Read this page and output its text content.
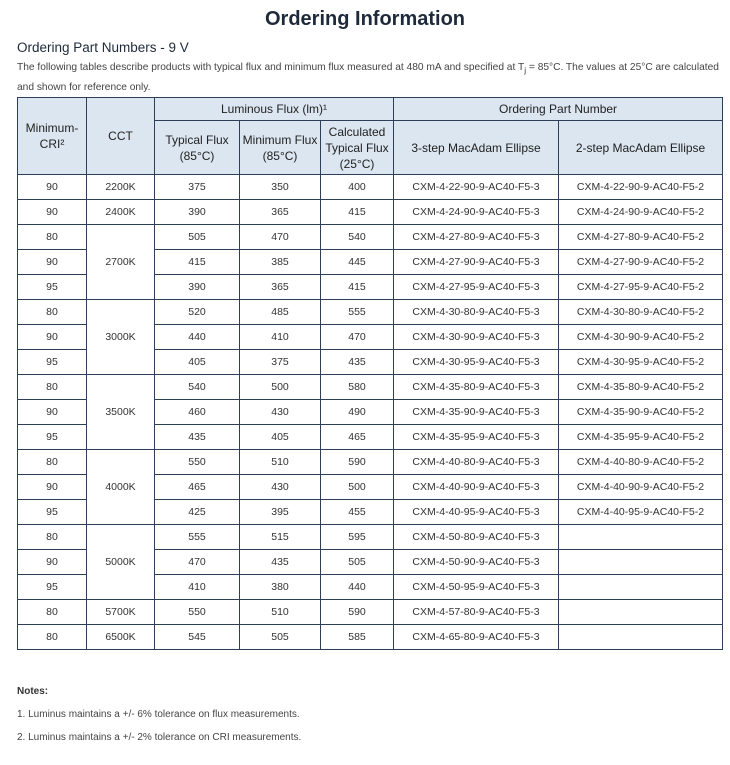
Ordering Information
Ordering Part Numbers - 9 V
The following tables describe products with typical flux and minimum flux measured at 480 mA and specified at $T_j = 85^\circ C$. The values at 25°C are calculated and shown for reference only.
Minimum-CRI²	CCT	Luminous Flux (lm)¹			Ordering Part Number	
		Typical Flux (85°C)	Minimum Flux (85°C)	Calculated Typical Flux (25°C)	3-step MacAdam Ellipse	2-step MacAdam Ellipse
90	2200K	375	350	400	CXM-4-22-90-9-AC40-F5-3	CXM-4-22-90-9-AC40-F5-2
90	2400K	390	365	415	CXM-4-24-90-9-AC40-F5-3	CXM-4-24-90-9-AC40-F5-2
80	2700K	505	470	540	CXM-4-27-80-9-AC40-F5-3	CXM-4-27-80-9-AC40-F5-2
90		415	385	445	CXM-4-27-90-9-AC40-F5-3	CXM-4-27-90-9-AC40-F5-2
95		390	365	415	CXM-4-27-95-9-AC40-F5-3	CXM-4-27-95-9-AC40-F5-2
80	3000K	520	485	555	CXM-4-30-80-9-AC40-F5-3	CXM-4-30-80-9-AC40-F5-2
90		440	410	470	CXM-4-30-90-9-AC40-F5-3	CXM-4-30-90-9-AC40-F5-2
95		405	375	435	CXM-4-30-95-9-AC40-F5-3	CXM-4-30-95-9-AC40-F5-2
80	3500K	540	500	580	CXM-4-35-80-9-AC40-F5-3	CXM-4-35-80-9-AC40-F5-2
90		460	430	490	CXM-4-35-90-9-AC40-F5-3	CXM-4-35-90-9-AC40-F5-2
95		435	405	465	CXM-4-35-95-9-AC40-F5-3	CXM-4-35-95-9-AC40-F5-2
80	4000K	550	510	590	CXM-4-40-80-9-AC40-F5-3	CXM-4-40-80-9-AC40-F5-2
90		465	430	500	CXM-4-40-90-9-AC40-F5-3	CXM-4-40-90-9-AC40-F5-2
95		425	395	455	CXM-4-40-95-9-AC40-F5-3	CXM-4-40-95-9-AC40-F5-2
80	5000K	555	515	595	CXM-4-50-80-9-AC40-F5-3	
90		470	435	505	CXM-4-50-90-9-AC40-F5-3	
95		410	380	440	CXM-4-50-95-9-AC40-F5-3	
80	5700K	550	510	590	CXM-4-57-80-9-AC40-F5-3	
80	6500K	545	505	585	CXM-4-65-80-9-AC40-F5-3	
Notes:
1. Luminus maintains a +/- 6% tolerance on flux measurements.
2. Luminus maintains a +/- 2% tolerance on CRI measurements.
